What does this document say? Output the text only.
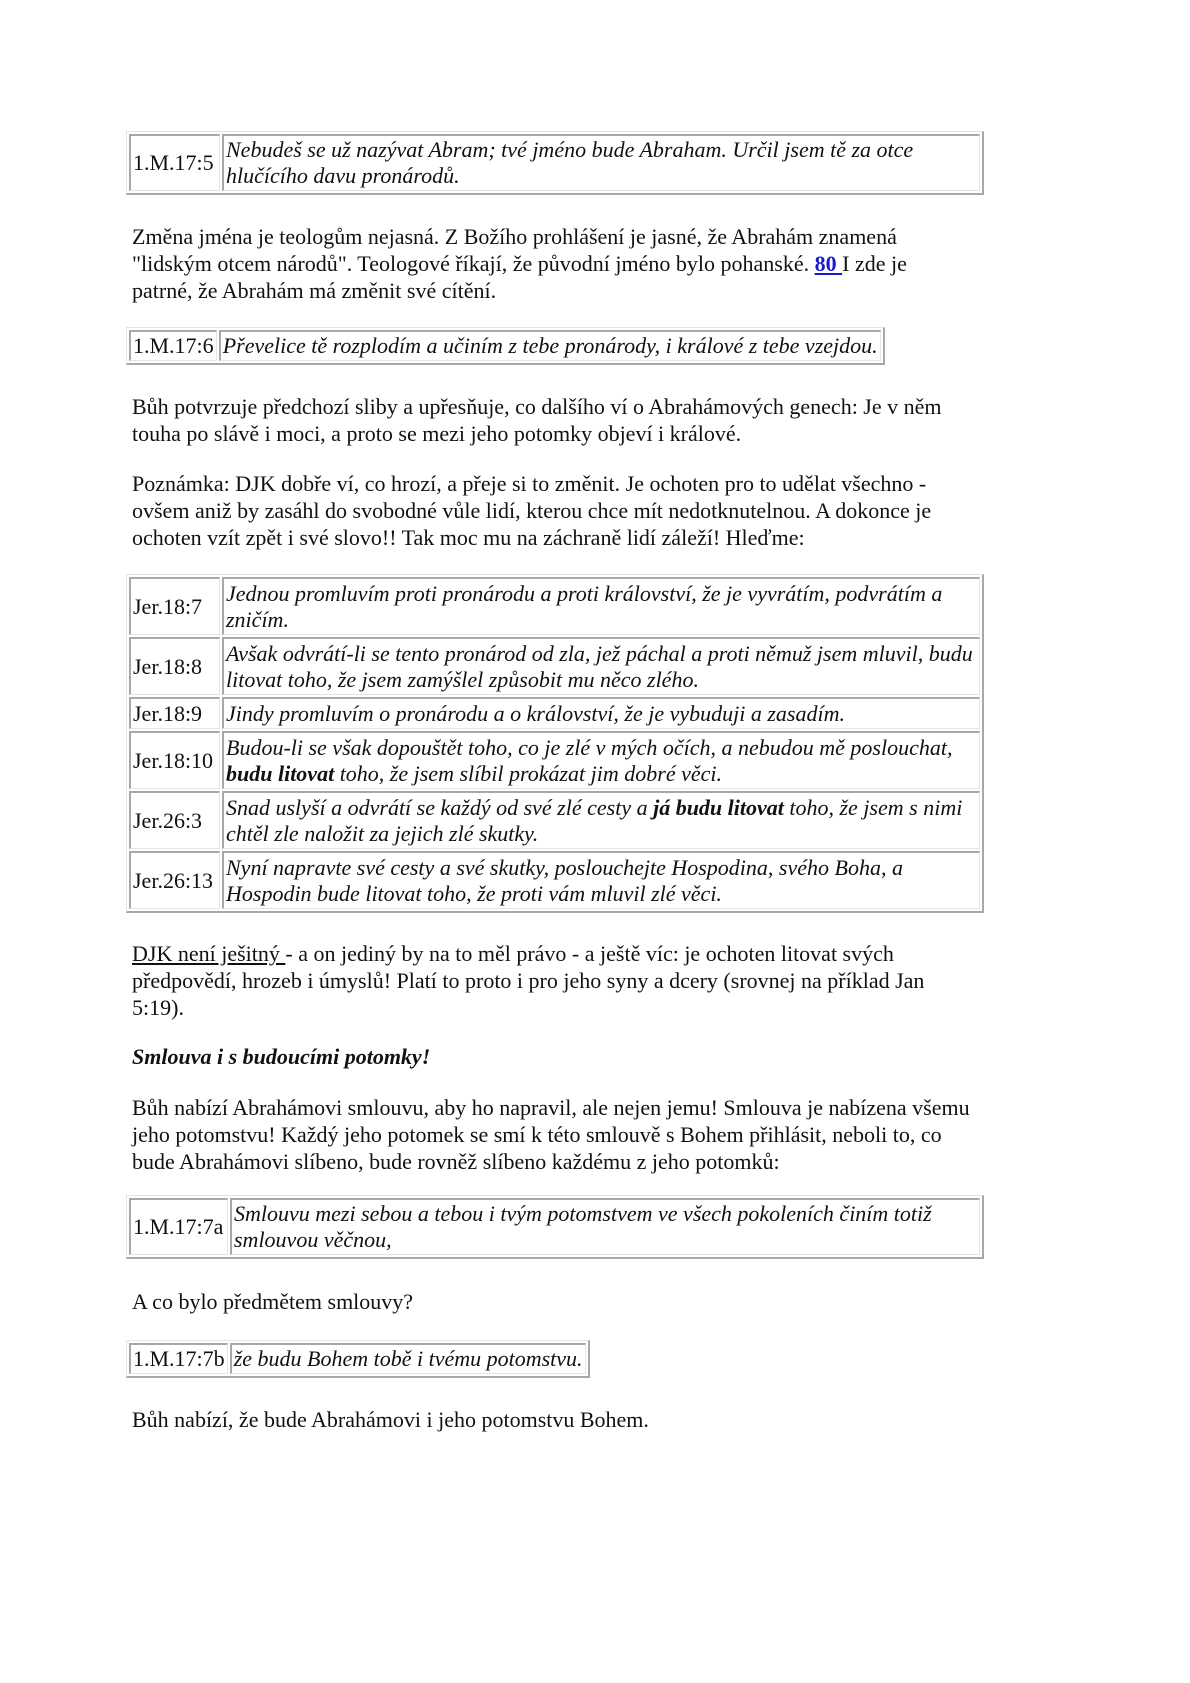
1.M.17:5	Nebudeš se už nazývat Abram; tvé jméno bude Abraham. Určil jsem tě za otce hlučícího davu pronárodů.

Změna jména je teologům nejasná. Z Božího prohlášení je jasné, že Abrahám znamená "lidským otcem národů". Teologové říkají, že původní jméno bylo pohanské. 80 I zde je patrné, že Abrahám má změnit své cítění.

1.M.17:6	Převelice tě rozplodím a učiním z tebe pronárody, i králové z tebe vzejdou.

Bůh potvrzuje předchozí sliby a upřesňuje, co dalšího ví o Abrahámových genech: Je v něm touha po slávě i moci, a proto se mezi jeho potomky objeví i králové.

Poznámka: DJK dobře ví, co hrozí, a přeje si to změnit. Je ochoten pro to udělat všechno - ovšem aniž by zasáhl do svobodné vůle lidí, kterou chce mít nedotknutelnou. A dokonce je ochoten vzít zpět i své slovo!! Tak moc mu na záchraně lidí záleží! Hleďme:

Jer.18:7	Jednou promluvím proti pronárodu a proti království, že je vyvrátím, podvrátím a zničím.
Jer.18:8	Avšak odvrátí-li se tento pronárod od zla, jež páchal a proti němuž jsem mluvil, budu litovat toho, že jsem zamýšlel způsobit mu něco zlého.
Jer.18:9	Jindy promluvím o pronárodu a o království, že je vybuduji a zasadím.
Jer.18:10	Budou-li se však dopouštět toho, co je zlé v mých očích, a nebudou mě poslouchat, budu litovat toho, že jsem slíbil prokázat jim dobré věci.
Jer.26:3	Snad uslyší a odvrátí se každý od své zlé cesty a já budu litovat toho, že jsem s nimi chtěl zle naložit za jejich zlé skutky.
Jer.26:13	Nyní napravte své cesty a své skutky, poslouchejte Hospodina, svého Boha, a Hospodin bude litovat toho, že proti vám mluvil zlé věci.

DJK není ješitný - a on jediný by na to měl právo - a ještě víc: je ochoten litovat svých předpovědí, hrozeb i úmyslů! Platí to proto i pro jeho syny a dcery (srovnej na příklad Jan 5:19).

Smlouva i s budoucími potomky!

Bůh nabízí Abrahámovi smlouvu, aby ho napravil, ale nejen jemu! Smlouva je nabízena všemu jeho potomstvu! Každý jeho potomek se smí k této smlouvě s Bohem přihlásit, neboli to, co bude Abrahámovi slíbeno, bude rovněž slíbeno každému z jeho potomků:

1.M.17:7a	Smlouvu mezi sebou a tebou i tvým potomstvem ve všech pokoleních činím totiž smlouvou věčnou,

A co bylo předmětem smlouvy?

1.M.17:7b	že budu Bohem tobě i tvému potomstvu.

Bůh nabízí, že bude Abrahámovi i jeho potomstvu Bohem.
